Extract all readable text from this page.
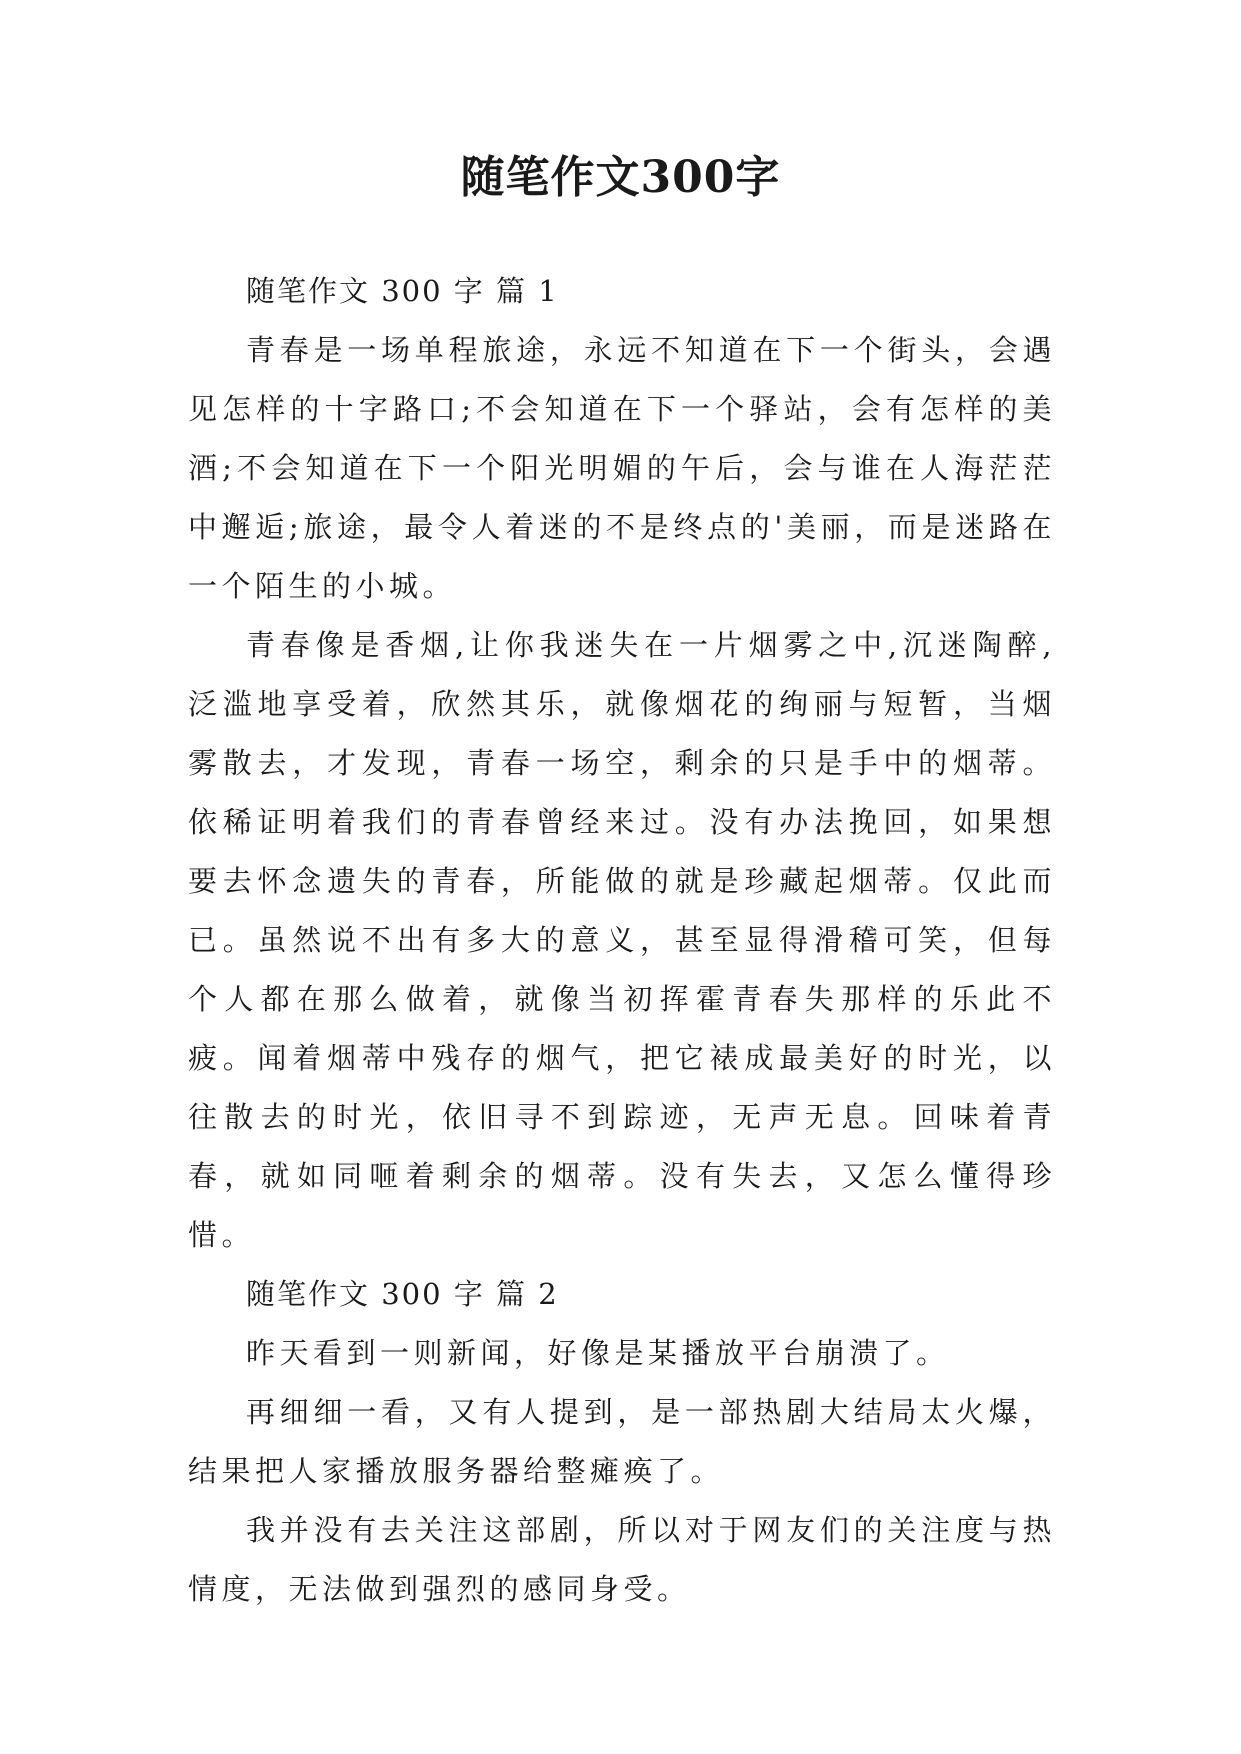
随笔作文300字

随笔作文 300 字 篇 1

青春是一场单程旅途，永远不知道在下一个街头，会遇见怎样的十字路口;不会知道在下一个驿站，会有怎样的美酒;不会知道在下一个阳光明媚的午后，会与谁在人海茫茫中邂逅;旅途，最令人着迷的不是终点的'美丽，而是迷路在一个陌生的小城。

青春像是香烟,让你我迷失在一片烟雾之中,沉迷陶醉,泛滥地享受着，欣然其乐，就像烟花的绚丽与短暂，当烟雾散去，才发现，青春一场空，剩余的只是手中的烟蒂。依稀证明着我们的青春曾经来过。没有办法挽回，如果想要去怀念遗失的青春，所能做的就是珍藏起烟蒂。仅此而已。虽然说不出有多大的意义，甚至显得滑稽可笑，但每个人都在那么做着，就像当初挥霍青春失那样的乐此不疲。闻着烟蒂中残存的烟气，把它裱成最美好的时光，以往散去的时光，依旧寻不到踪迹，无声无息。回味着青春，就如同咂着剩余的烟蒂。没有失去，又怎么懂得珍惜。

随笔作文 300 字 篇 2

昨天看到一则新闻，好像是某播放平台崩溃了。

再细细一看，又有人提到，是一部热剧大结局太火爆，结果把人家播放服务器给整瘫痪了。

我并没有去关注这部剧，所以对于网友们的关注度与热情度，无法做到强烈的感同身受。
